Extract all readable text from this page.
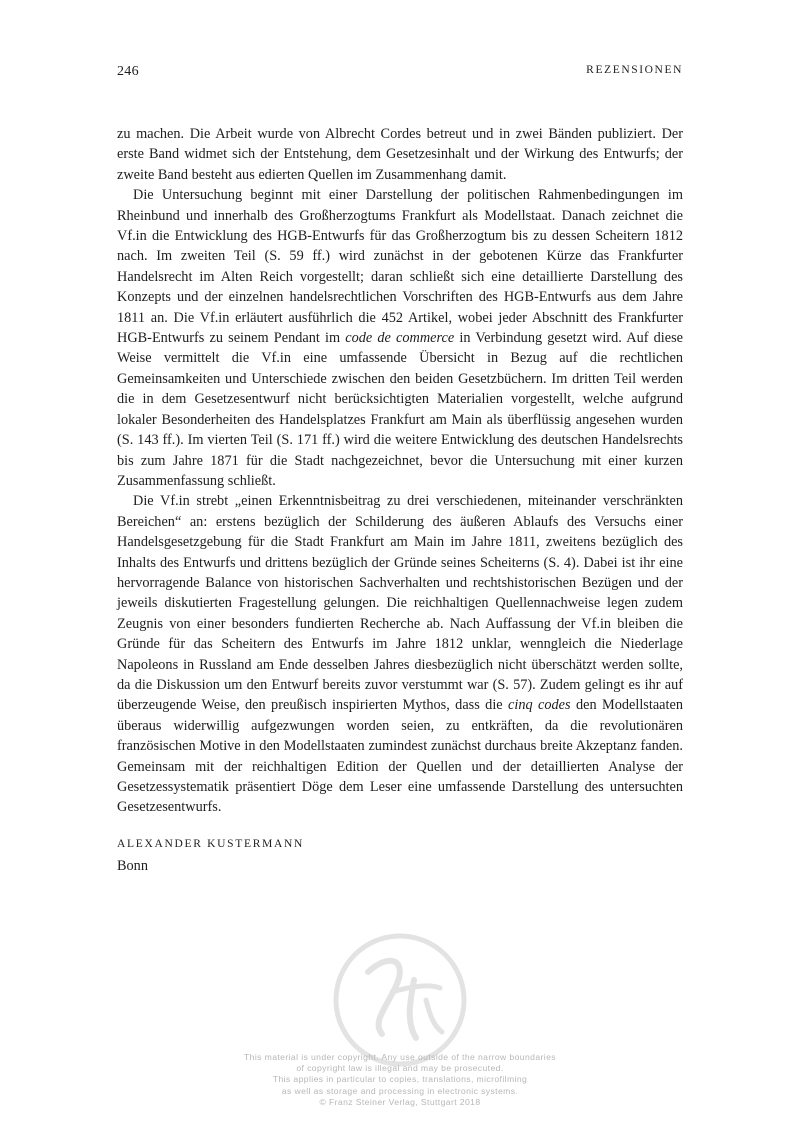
246	REZENSIONEN

zu machen. Die Arbeit wurde von Albrecht Cordes betreut und in zwei Bänden publiziert. Der erste Band widmet sich der Entstehung, dem Gesetzesinhalt und der Wirkung des Entwurfs; der zweite Band besteht aus edierten Quellen im Zusammenhang damit.

Die Untersuchung beginnt mit einer Darstellung der politischen Rahmenbedingungen im Rheinbund und innerhalb des Großherzogtums Frankfurt als Modellstaat. Danach zeichnet die Vf.in die Entwicklung des HGB-Entwurfs für das Großherzogtum bis zu dessen Scheitern 1812 nach. Im zweiten Teil (S. 59 ff.) wird zunächst in der gebotenen Kürze das Frankfurter Handelsrecht im Alten Reich vorgestellt; daran schließt sich eine detaillierte Darstellung des Konzepts und der einzelnen handelsrechtlichen Vorschriften des HGB-Entwurfs aus dem Jahre 1811 an. Die Vf.in erläutert ausführlich die 452 Artikel, wobei jeder Abschnitt des Frankfurter HGB-Entwurfs zu seinem Pendant im code de commerce in Verbindung gesetzt wird. Auf diese Weise vermittelt die Vf.in eine umfassende Übersicht in Bezug auf die rechtlichen Gemeinsamkeiten und Unterschiede zwischen den beiden Gesetzbüchern. Im dritten Teil werden die in dem Gesetzesentwurf nicht berücksichtigten Materialien vorgestellt, welche aufgrund lokaler Besonderheiten des Handelsplatzes Frankfurt am Main als überflüssig angesehen wurden (S. 143 ff.). Im vierten Teil (S. 171 ff.) wird die weitere Entwicklung des deutschen Handelsrechts bis zum Jahre 1871 für die Stadt nachgezeichnet, bevor die Untersuchung mit einer kurzen Zusammenfassung schließt.

Die Vf.in strebt „einen Erkenntnisbeitrag zu drei verschiedenen, miteinander verschränkten Bereichen“ an: erstens bezüglich der Schilderung des äußeren Ablaufs des Versuchs einer Handelsgesetzgebung für die Stadt Frankfurt am Main im Jahre 1811, zweitens bezüglich des Inhalts des Entwurfs und drittens bezüglich der Gründe seines Scheiterns (S. 4). Dabei ist ihr eine hervorragende Balance von historischen Sachverhalten und rechtshistorischen Bezügen und der jeweils diskutierten Fragestellung gelungen. Die reichhaltigen Quellennachweise legen zudem Zeugnis von einer besonders fundierten Recherche ab. Nach Auffassung der Vf.in bleiben die Gründe für das Scheitern des Entwurfs im Jahre 1812 unklar, wenngleich die Niederlage Napoleons in Russland am Ende desselben Jahres diesbezüglich nicht überschätzt werden sollte, da die Diskussion um den Entwurf bereits zuvor verstummt war (S. 57). Zudem gelingt es ihr auf überzeugende Weise, den preußisch inspirierten Mythos, dass die cinq codes den Modellstaaten überaus widerwillig aufgezwungen worden seien, zu entkräften, da die revolutionären französischen Motive in den Modellstaaten zumindest zunächst durchaus breite Akzeptanz fanden. Gemeinsam mit der reichhaltigen Edition der Quellen und der detaillierten Analyse der Gesetzessystematik präsentiert Döge dem Leser eine umfassende Darstellung des untersuchten Gesetzesentwurfs.

ALEXANDER KUSTERMANN
Bonn
This material is under copyright. Any use outside of the narrow boundaries
of copyright law is illegal and may be prosecuted.
This applies in particular to copies, translations, microfilming
as well as storage and processing in electronic systems.
© Franz Steiner Verlag, Stuttgart 2018
